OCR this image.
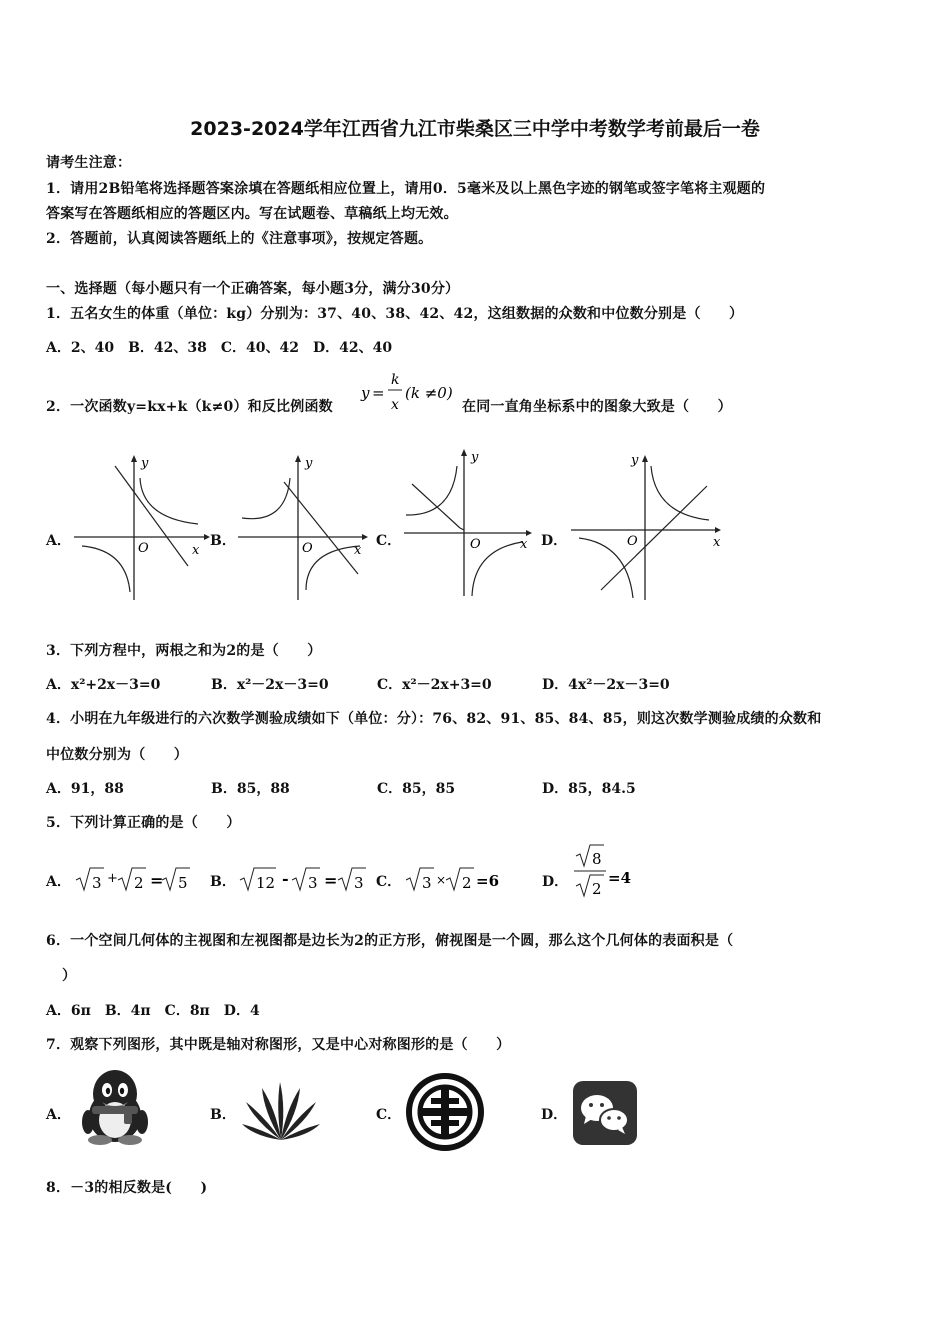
2023-2024学年江西省九江市柴桑区三中学中考数学考前最后一卷
请考生注意：
1．请用2B铅笔将选择题答案涂填在答题纸相应位置上，请用0．5毫米及以上黑色字迹的钢笔或签字笔将主观题的
答案写在答题纸相应的答题区内。写在试题卷、草稿纸上均无效。
2．答题前，认真阅读答题纸上的《注意事项》，按规定答题。
一、选择题（每小题只有一个正确答案，每小题3分，满分30分）
1．五名女生的体重（单位：kg）分别为：37、40、38、42、42，这组数据的众数和中位数分别是（　　）
A．2、40　B．42、38　C．40、42　D．42、40
2．一次函数y=kx+k（k≠0）和反比例函数
y =
k
x
(k ≠0)
在同一直角坐标系中的图象大致是（　　）
A．
y
x
O	B．
y
x
O	C．
y
x
O	D．
y
x
O
3．下列方程中，两根之和为2的是（　　）
A．x²+2x－3=0	B．x²－2x－3=0	C．x²－2x+3=0	D．4x²－2x－3=0
4．小明在九年级进行的六次数学测验成绩如下（单位：分）：76、82、91、85、84、85，则这次数学测验成绩的众数和
中位数分别为（　　）
A．91，88	B．85，88	C．85，85	D．85，84.5
5．下列计算正确的是（　　）
A． 3 + 2 = 5 B． 12 - 3 = 3 C． 3 × 2 =6	D．
8
2
=4
6．一个空间几何体的主视图和左视图都是边长为2的正方形，俯视图是一个圆，那么这个几何体的表面积是（
）
A．6π　B．4π　C．8π　D．4
7．观察下列图形，其中既是轴对称图形，又是中心对称图形的是（　　）
A．	B．	C．	D．
8．－3的相反数是(　　)
